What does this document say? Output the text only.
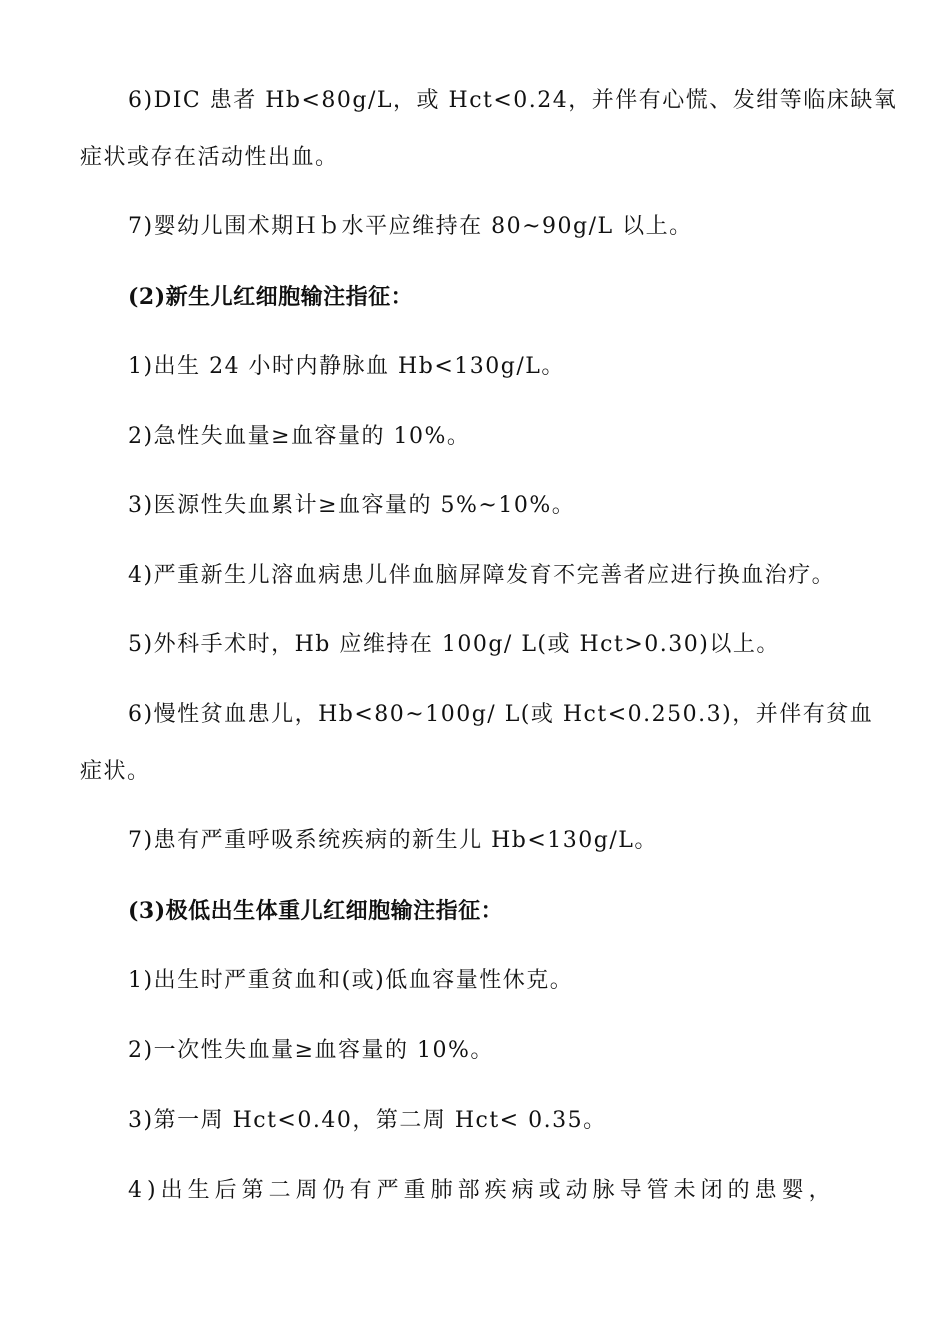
6)DIC 患者 Hb<80g/L，或 Hct<0.24，并伴有心慌、发绀等临床缺氧
症状或存在活动性出血。
7)婴幼儿围术期Ｈｂ水平应维持在 80~90g/L 以上。
(2)新生儿红细胞输注指征：
1)出生 24 小时内静脉血 Hb<130g/L。
2)急性失血量≥血容量的 10%。
3)医源性失血累计≥血容量的 5%~10%。
4)严重新生儿溶血病患儿伴血脑屏障发育不完善者应进行换血治疗。
5)外科手术时，Hb 应维持在 100g/ L(或 Hct>0.30)以上。
6)慢性贫血患儿，Hb<80~100g/ L(或 Hct<0.250.3)，并伴有贫血
症状。
7)患有严重呼吸系统疾病的新生儿 Hb<130g/L。
(3)极低出生体重儿红细胞输注指征：
1)出生时严重贫血和(或)低血容量性休克。
2)一次性失血量≥血容量的 10%。
3)第一周 Hct<0.40，第二周 Hct< 0.35。
4)出生后第二周仍有严重肺部疾病或动脉导管未闭的患婴，
